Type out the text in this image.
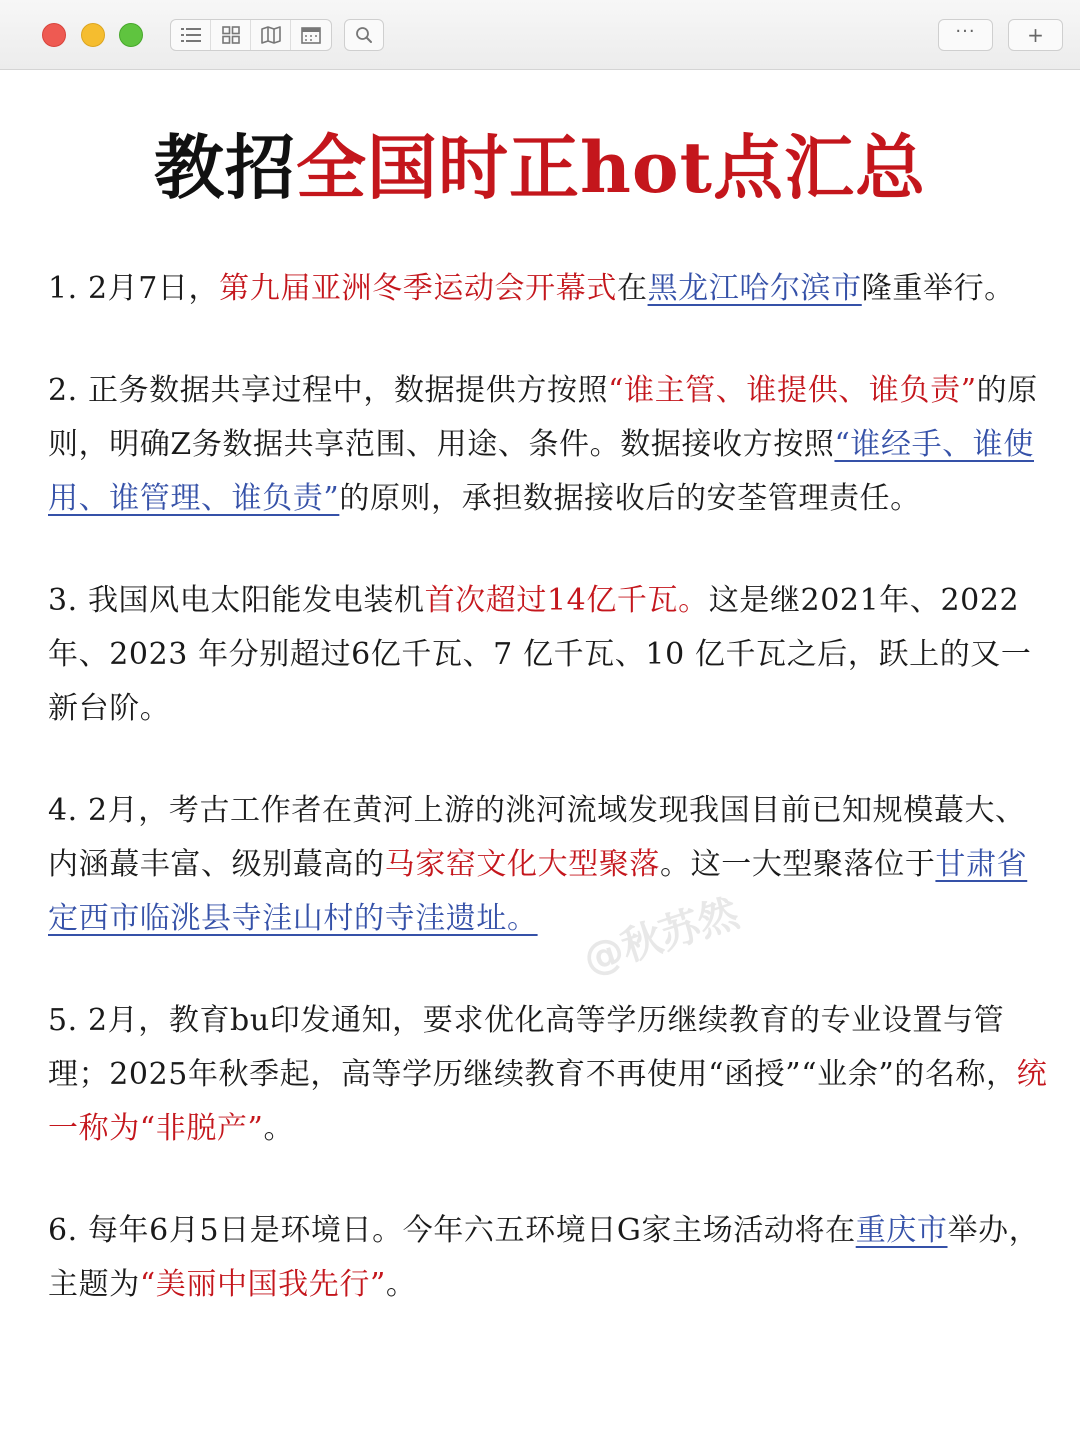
···	+
教招全国时正hot点汇总

1. 2月7日，第九届亚洲冬季运动会开幕式在黑龙江哈尔滨市隆重举行。

2. 正务数据共享过程中，数据提供方按照“谁主管、谁提供、谁负责”的原则，明确Z务数据共享范围、用途、条件。数据接收方按照“谁经手、谁使用、谁管理、谁负责”的原则，承担数据接收后的安荃管理责任。

3. 我国风电太阳能发电装机首次超过14亿千瓦。这是继2021年、2022年、2023 年分别超过6亿千瓦、7 亿千瓦、10 亿千瓦之后，跃上的又一新台阶。

4. 2月，考古工作者在黄河上游的洮河流域发现我国目前已知规模蕞大、内涵蕞丰富、级别蕞高的马家窑文化大型聚落。这一大型聚落位于甘肃省定西市临洮县寺洼山村的寺洼遗址。

5. 2月，教育bu印发通知，要求优化高等学历继续教育的专业设置与管理；2025年秋季起，高等学历继续教育不再使用“函授”“业余”的名称，统一称为“非脱产”。

6. 每年6月5日是环境日。今年六五环境日G家主场活动将在重庆市举办，主题为“美丽中国我先行”。

@秋苏然
